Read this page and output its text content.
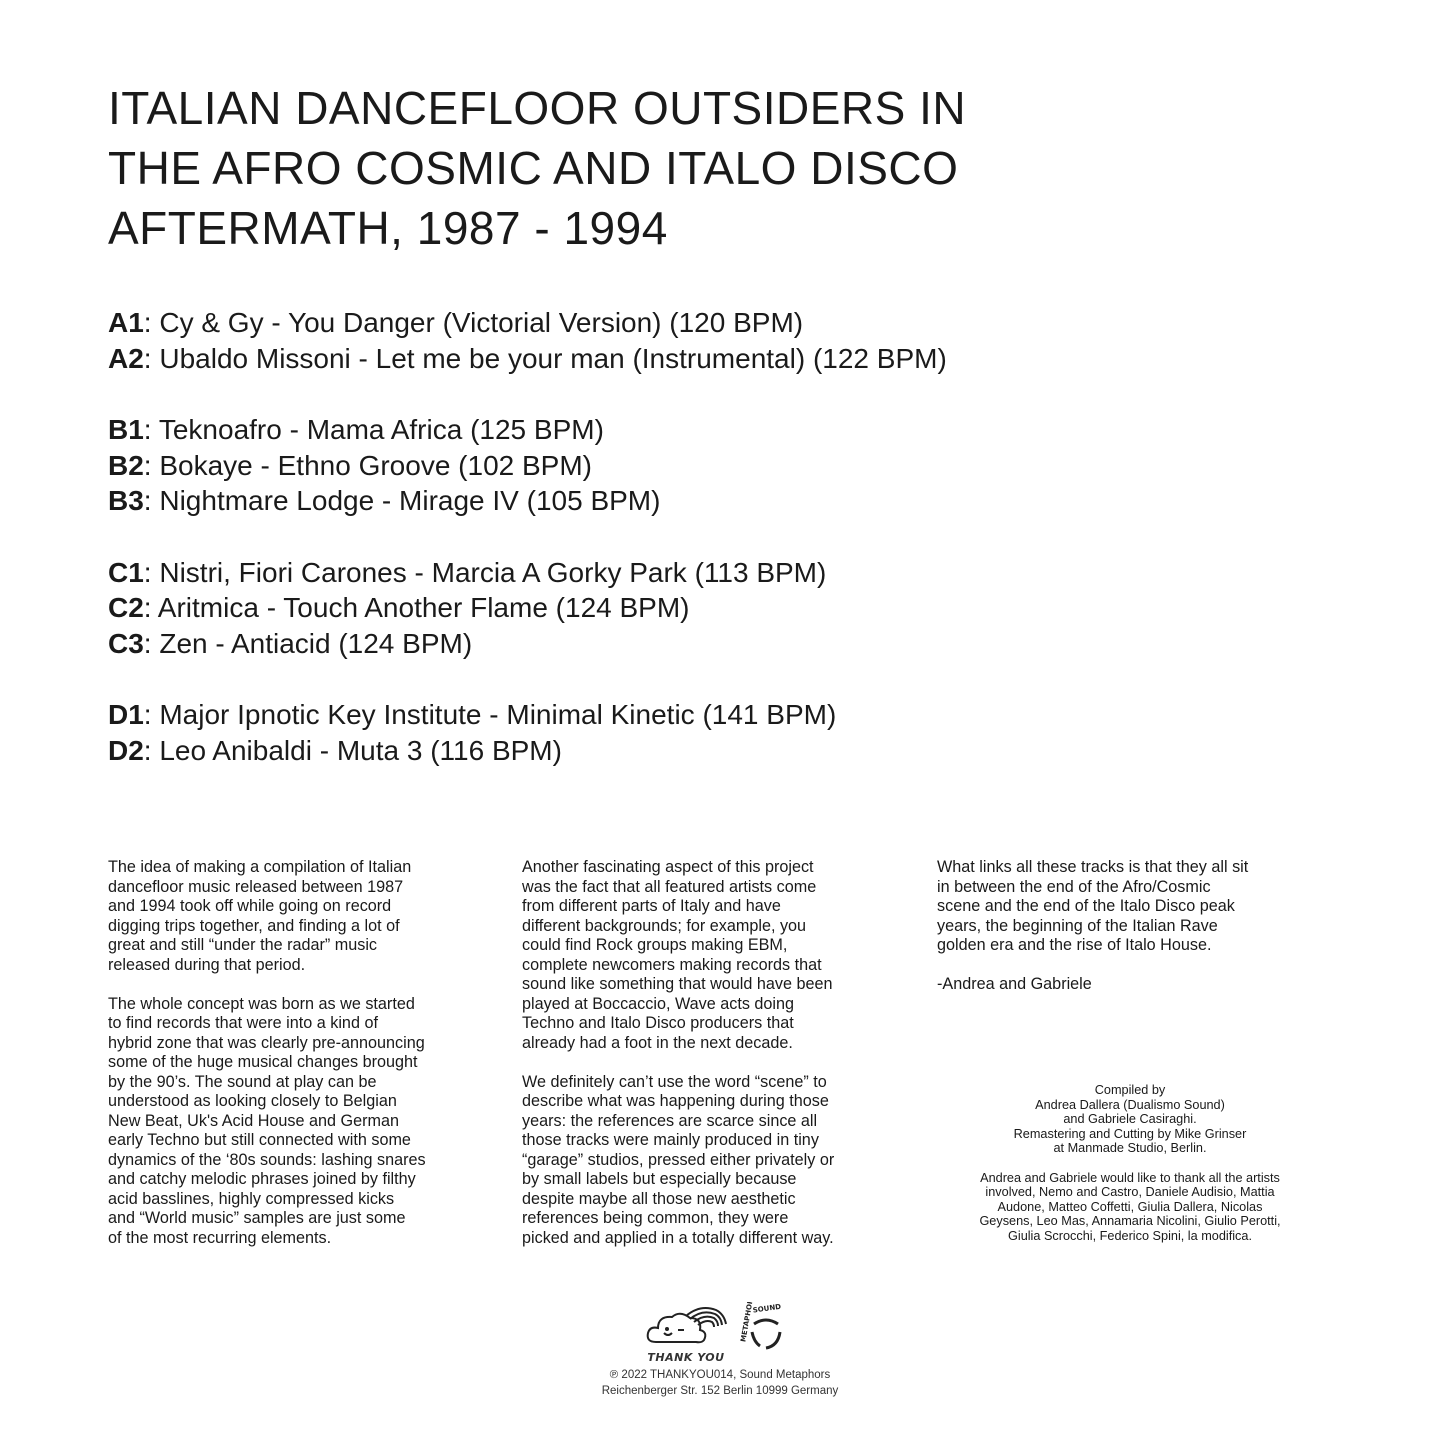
ITALIAN DANCEFLOOR OUTSIDERS IN
THE AFRO COSMIC AND ITALO DISCO
AFTERMATH, 1987 - 1994
A1: Cy & Gy - You Danger (Victorial Version) (120 BPM)
A2: Ubaldo Missoni - Let me be your man (Instrumental) (122 BPM)
B1: Teknoafro - Mama Africa (125 BPM)
B2: Bokaye - Ethno Groove (102 BPM)
B3: Nightmare Lodge - Mirage IV (105 BPM)
C1: Nistri, Fiori Carones - Marcia A Gorky Park (113 BPM)
C2: Aritmica - Touch Another Flame (124 BPM)
C3: Zen - Antiacid (124 BPM)
D1: Major Ipnotic Key Institute - Minimal Kinetic (141 BPM)
D2: Leo Anibaldi - Muta 3 (116 BPM)

The idea of making a compilation of Italian
dancefloor music released between 1987
and 1994 took off while going on record
digging trips together, and finding a lot of
great and still “under the radar” music
released during that period.

The whole concept was born as we started
to find records that were into a kind of
hybrid zone that was clearly pre-announcing
some of the huge musical changes brought
by the 90’s. The sound at play can be
understood as looking closely to Belgian
New Beat, Uk's Acid House and German
early Techno but still connected with some
dynamics of the ‘80s sounds: lashing snares
and catchy melodic phrases joined by filthy
acid basslines, highly compressed kicks
and “World music” samples are just some
of the most recurring elements.

Another fascinating aspect of this project
was the fact that all featured artists come
from different parts of Italy and have
different backgrounds; for example, you
could find Rock groups making EBM,
complete newcomers making records that
sound like something that would have been
played at Boccaccio, Wave acts doing
Techno and Italo Disco producers that
already had a foot in the next decade.

We definitely can’t use the word “scene” to
describe what was happening during those
years: the references are scarce since all
those tracks were mainly produced in tiny
“garage” studios, pressed either privately or
by small labels but especially because
despite maybe all those new aesthetic
references being common, they were
picked and applied in a totally different way.

What links all these tracks is that they all sit
in between the end of the Afro/Cosmic
scene and the end of the Italo Disco peak
years, the beginning of the Italian Rave
golden era and the rise of Italo House.

-Andrea and Gabriele

Compiled by
Andrea Dallera (Dualismo Sound)
and Gabriele Casiraghi.
Remastering and Cutting by Mike Grinser
at Manmade Studio, Berlin.

Andrea and Gabriele would like to thank all the artists
involved, Nemo and Castro, Daniele Audisio, Mattia
Audone, Matteo Coffetti, Giulia Dallera, Nicolas
Geysens, Leo Mas, Annamaria Nicolini, Giulio Perotti,
Giulia Scrocchi, Federico Spini, la modifica.

THANK YOU
SOUND
METAPHORS
℗ 2022 THANKYOU014, Sound Metaphors
Reichenberger Str. 152 Berlin 10999 Germany
